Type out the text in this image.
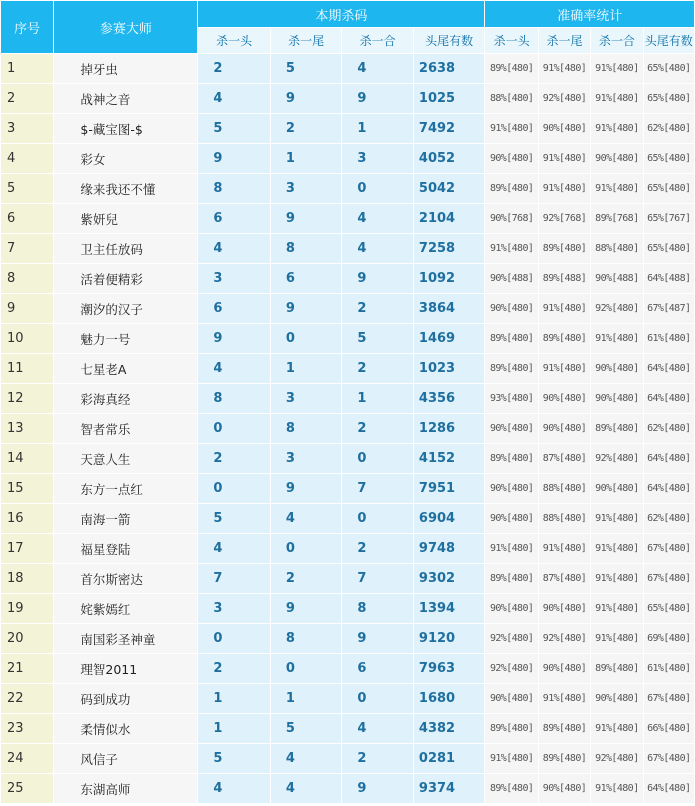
序号	参赛大师	本期杀码				准确率统计			
		杀一头	杀一尾	杀一合	头尾有数	杀一头	杀一尾	杀一合	头尾有数
1	掉牙虫	2	5	4	2638	89%[480]	91%[480]	91%[480]	65%[480]
2	战神之音	4	9	9	1025	88%[480]	92%[480]	91%[480]	65%[480]
3	$-藏宝图-$	5	2	1	7492	91%[480]	90%[480]	91%[480]	62%[480]
4	彩女	9	1	3	4052	90%[480]	91%[480]	90%[480]	65%[480]
5	缘来我还不懂	8	3	0	5042	89%[480]	91%[480]	91%[480]	65%[480]
6	紫妍兒	6	9	4	2104	90%[768]	92%[768]	89%[768]	65%[767]
7	卫主任放码	4	8	4	7258	91%[480]	89%[480]	88%[480]	65%[480]
8	活着便精彩	3	6	9	1092	90%[488]	89%[488]	90%[488]	64%[488]
9	潮汐的汉子	6	9	2	3864	90%[480]	91%[480]	92%[480]	67%[487]
10	魅力一号	9	0	5	1469	89%[480]	89%[480]	91%[480]	61%[480]
11	七星老A	4	1	2	1023	89%[480]	91%[480]	90%[480]	64%[480]
12	彩海真经	8	3	1	4356	93%[480]	90%[480]	90%[480]	64%[480]
13	智者常乐	0	8	2	1286	90%[480]	90%[480]	89%[480]	62%[480]
14	天意人生	2	3	0	4152	89%[480]	87%[480]	92%[480]	64%[480]
15	东方一点红	0	9	7	7951	90%[480]	88%[480]	90%[480]	64%[480]
16	南海一箭	5	4	0	6904	90%[480]	88%[480]	91%[480]	62%[480]
17	福星登陆	4	0	2	9748	91%[480]	91%[480]	91%[480]	67%[480]
18	首尔斯密达	7	2	7	9302	89%[480]	87%[480]	91%[480]	67%[480]
19	姹紫嫣红	3	9	8	1394	90%[480]	90%[480]	91%[480]	65%[480]
20	南国彩圣神童	0	8	9	9120	92%[480]	92%[480]	91%[480]	69%[480]
21	理智2011	2	0	6	7963	92%[480]	90%[480]	89%[480]	61%[480]
22	码到成功	1	1	0	1680	90%[480]	91%[480]	90%[480]	67%[480]
23	柔情似水	1	5	4	4382	89%[480]	89%[480]	91%[480]	66%[480]
24	风信子	5	4	2	0281	91%[480]	89%[480]	92%[480]	67%[480]
25	东湖高师	4	4	9	9374	89%[480]	90%[480]	91%[480]	64%[480]
